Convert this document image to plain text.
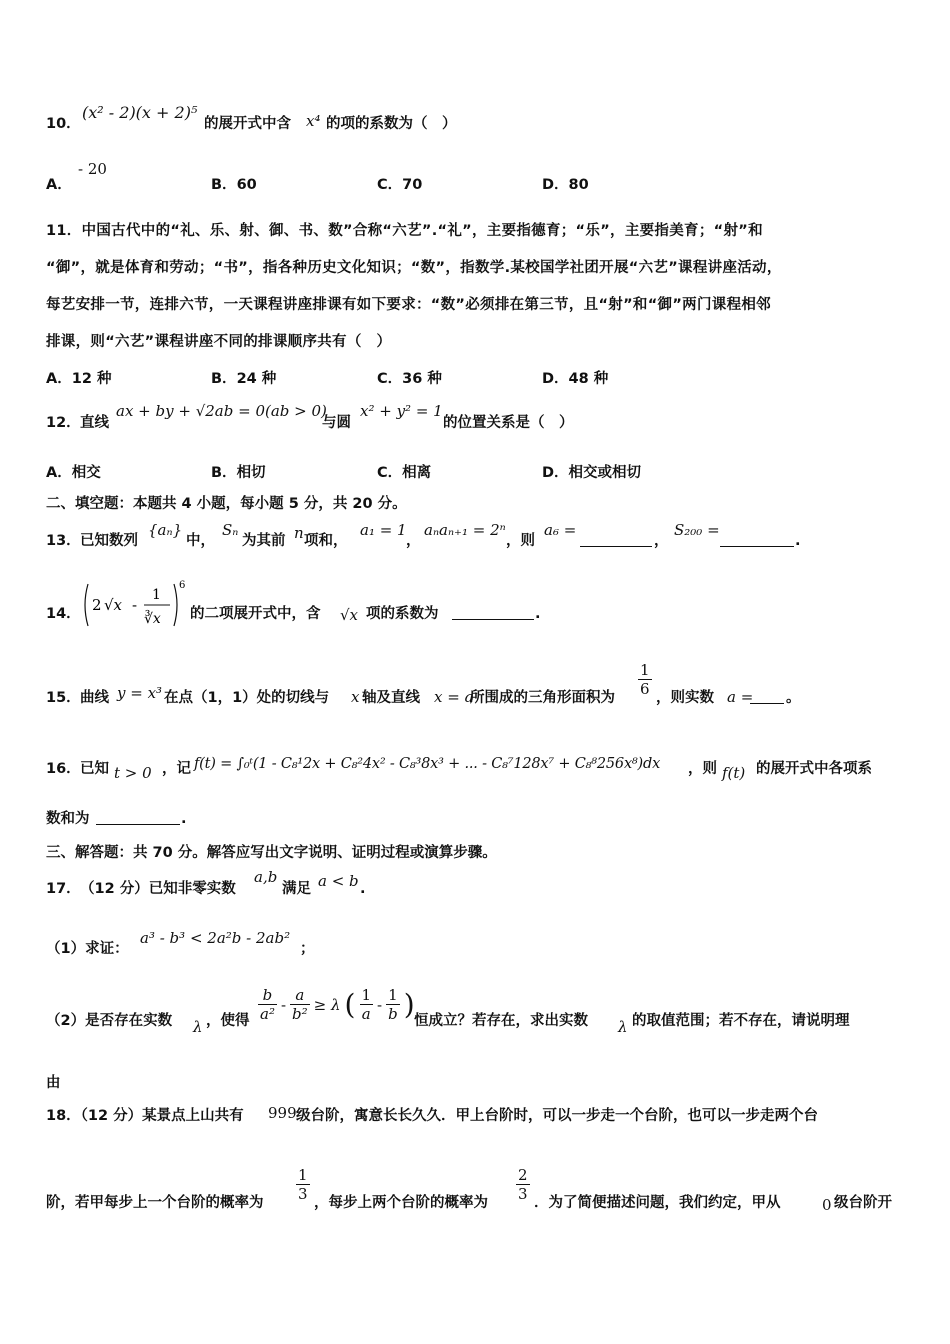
10．
(x² - 2)(x + 2)⁵
的展开式中含 x⁴ 的项的系数为（　）
A．
- 20
B．60	C．70	D．80
11．中国古代中的“礼、乐、射、御、书、数”合称“六艺”.“礼”，主要指德育；“乐”，主要指美育；“射”和
“御”，就是体育和劳动；“书”，指各种历史文化知识；“数”，指数学.某校国学社团开展“六艺”课程讲座活动，
每艺安排一节，连排六节，一天课程讲座排课有如下要求：“数”必须排在第三节，且“射”和“御”两门课程相邻
排课，则“六艺”课程讲座不同的排课顺序共有（　）
A．12 种	B．24 种	C．36 种	D．48 种
12． 直线
ax + by + √2ab = 0(ab > 0)
与圆
x² + y² = 1
的位置关系是（　）
A．相交	B．相切	C．相离	D．相交或相切
二、填空题：本题共 4 小题，每小题 5 分，共 20 分。
13． 已知数列
{aₙ}
中，
Sₙ
为其前 n 项和，
a₁ = 1
，
aₙaₙ₊₁ = 2ⁿ
，则
a₆ =
，
S₂₀₀ =
.
14． 2 √x -
1
∛x
6
的二项展开式中，含 √x 项的系数为	.
15． 曲线 y = x³ 在点（1，1）处的切线与 x 轴及直线 x = a
所围成的三角形面积为 $\frac{1}{6}$ ，则实数 a = 。
16． 已知 t > 0 ，记 f(t) = ∫₀ᵗ(1 - C₈¹2x + C₈²4x² - C₈³8x³ + ... - C₈⁷128x⁷ + C₈⁸256x⁸)dx ，则 f(t) 的展开式中各项系
数和为	.
三、解答题：共 70 分。解答应写出文字说明、证明过程或演算步骤。
17． （12 分）已知非零实数
a,b
满足 a < b .
（1）求证：
a³ - b³ < 2a²b - 2ab²
；
（2）是否存在实数 λ ，使得 $\frac{b}{\text{a²}} - \frac{a}{\text{b²}} \ge \lambda$ ( $\frac{1}{a} - \frac{1}{b}$ ) 恒成立？若存在，求出实数 λ 的取值范围；若不存在，请说明理
由
18．（12 分）某景点上山共有 999 级台阶，寓意长长久久．甲上台阶时，可以一步走一个台阶，也可以一步走两个台
阶，若甲每步上一个台阶的概率为 $\frac{1}{3}$ ，每步上两个台阶的概率为 $\frac{2}{3}$ ．为了简便描述问题，我们约定，甲从	0 级台阶开
